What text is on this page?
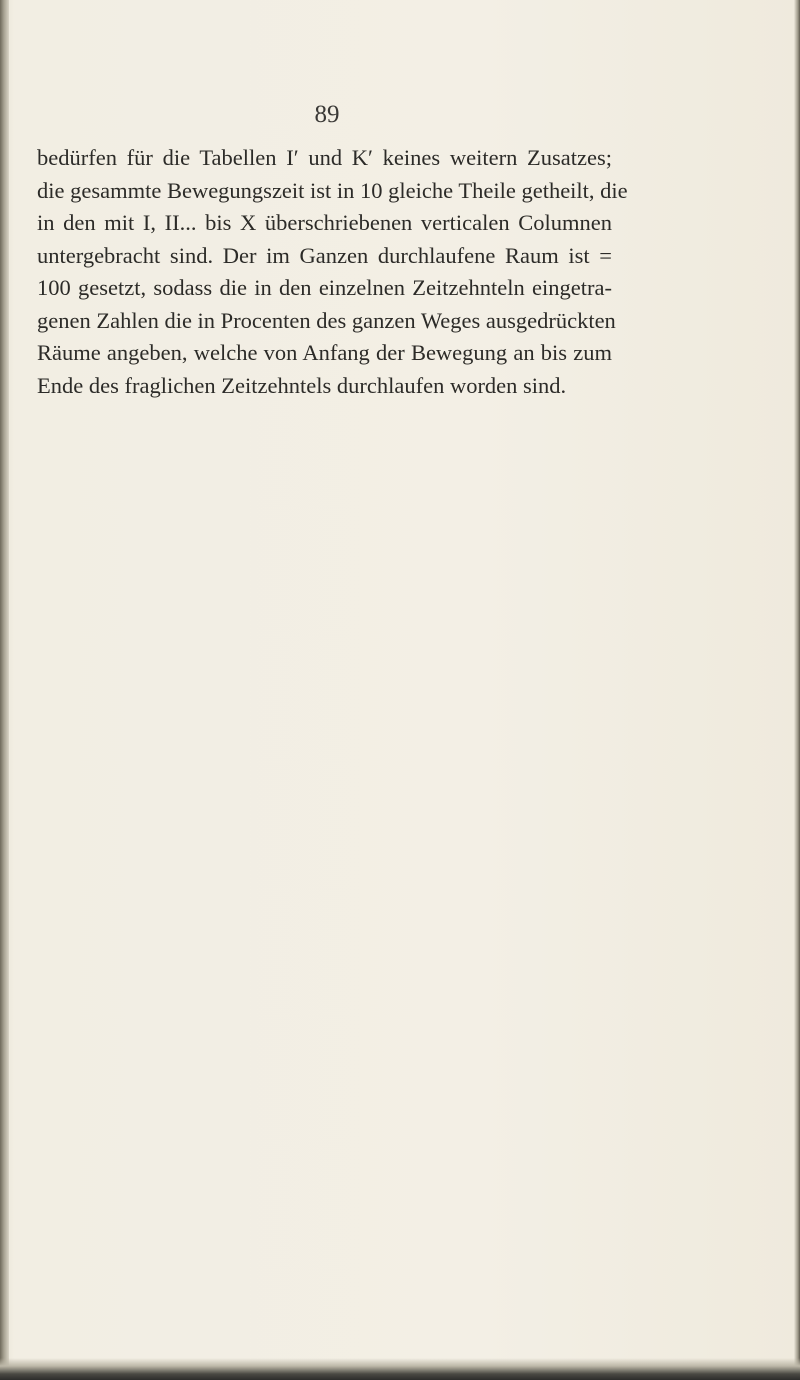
89
bedürfen für die Tabellen I′ und K′ keines weitern Zusatzes;
die gesammte Bewegungszeit ist in 10 gleiche Theile getheilt, die
in den mit I, II... bis X überschriebenen verticalen Columnen
untergebracht sind. Der im Ganzen durchlaufene Raum ist =
100 gesetzt, sodass die in den einzelnen Zeitzehnteln eingetra-
genen Zahlen die in Procenten des ganzen Weges ausgedrückten
Räume angeben, welche von Anfang der Bewegung an bis zum
Ende des fraglichen Zeitzehntels durchlaufen worden sind.
